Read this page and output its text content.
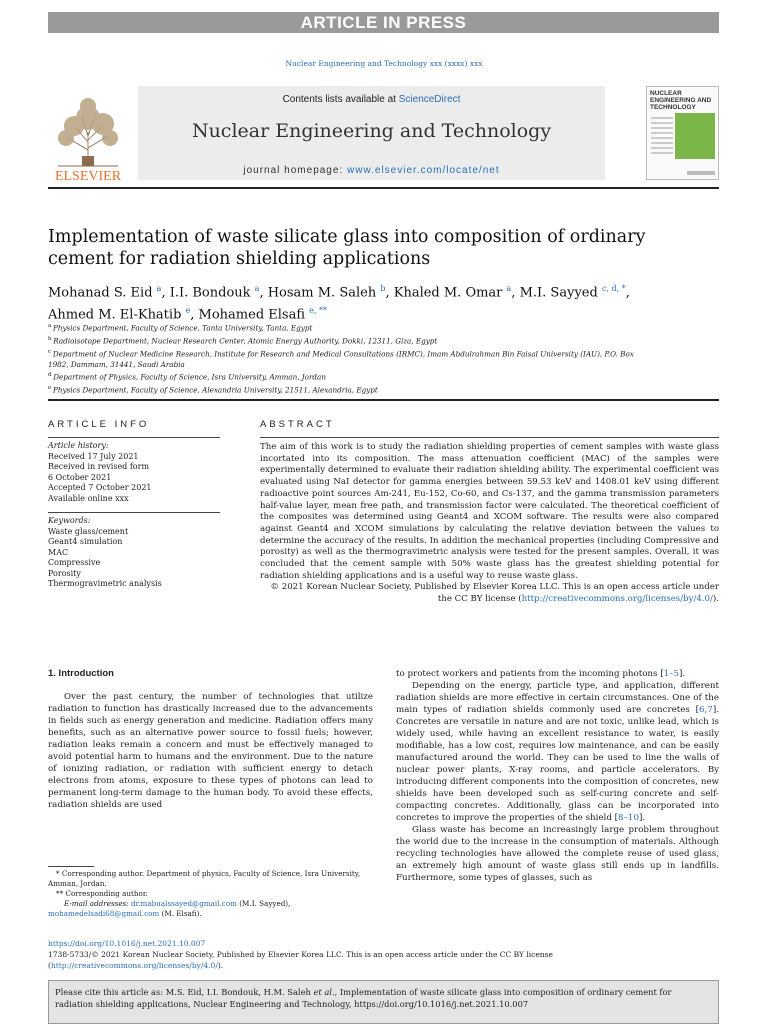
ARTICLE IN PRESS
Nuclear Engineering and Technology xxx (xxxx) xxx
ELSEVIER
Contents lists available at ScienceDirect
Nuclear Engineering and Technology
journal homepage: www.elsevier.com/locate/net
NUCLEAR ENGINEERING AND TECHNOLOGY
Implementation of waste silicate glass into composition of ordinary cement for radiation shielding applications
Mohanad S. Eid $^a$, I.I. Bondouk $^a$, Hosam M. Saleh $^b$, Khaled M. Omar $^a$, M.I. Sayyed $^{c, d, *}$,
Ahmed M. El-Khatib $^e$, Mohamed Elsafi $^{e, **}$
$^a$ Physics Department, Faculty of Science, Tanta University, Tanta, Egypt
$^b$ Radioisotope Department, Nuclear Research Center, Atomic Energy Authority, Dokki, 12311, Giza, Egypt
$^c$ Department of Nuclear Medicine Research, Institute for Research and Medical Consultations (IRMC), Imam Abdulrahman Bin Faisal University (IAU), P.O. Box 1982, Dammam, 31441, Saudi Arabia
$^d$ Department of Physics, Faculty of Science, Isra University, Amman, Jordan
$^e$ Physics Department, Faculty of Science, Alexandria University, 21511, Alexandria, Egypt
ARTICLE INFO
Article history:
Received 17 July 2021
Received in revised form
6 October 2021
Accepted 7 October 2021
Available online xxx
Keywords:
Waste glass/cement
Geant4 simulation
MAC
Compressive
Porosity
Thermogravimetric analysis
ABSTRACT

The aim of this work is to study the radiation shielding properties of cement samples with waste glass incortated into its composition. The mass attenuation coefficient (MAC) of the samples were experimentally determined to evaluate their radiation shielding ability. The experimental coefficient was evaluated using NaI detector for gamma energies between 59.53 keV and 1408.01 keV using different radioactive point sources Am-241, Eu-152, Co-60, and Cs-137, and the gamma transmission parameters half-value layer, mean free path, and transmission factor were calculated. The theoretical coefficient of the composites was determined using Geant4 and XCOM software. The results were also compared against Geant4 and XCOM simulations by calculating the relative deviation between the values to determine the accuracy of the results. In addition the mechanical properties (including Compressive and porosity) as well as the thermogravimetric analysis were tested for the present samples. Overall, it was concluded that the cement sample with 50% waste glass has the greatest shielding potential for radiation shielding applications and is a useful way to reuse waste glass.

© 2021 Korean Nuclear Society, Published by Elsevier Korea LLC. This is an open access article under the CC BY license (http://creativecommons.org/licenses/by/4.0/).

1. Introduction

Over the past century, the number of technologies that utilize radiation to function has drastically increased due to the advancements in fields such as energy generation and medicine. Radiation offers many benefits, such as an alternative power source to fossil fuels; however, radiation leaks remain a concern and must be effectively managed to avoid potential harm to humans and the environment. Due to the nature of ionizing radiation, or radiation with sufficient energy to detach electrons from atoms, exposure to these types of photons can lead to permanent long-term damage to the human body. To avoid these effects, radiation shields are used

to protect workers and patients from the incoming photons [1–5].

Depending on the energy, particle type, and application, different radiation shields are more effective in certain circumstances. One of the main types of radiation shields commonly used are concretes [6,7]. Concretes are versatile in nature and are not toxic, unlike lead, which is widely used, while having an excellent resistance to water, is easily modifiable, has a low cost, requires low maintenance, and can be easily manufactured around the world. They can be used to line the walls of nuclear power plants, X-ray rooms, and particle accelerators. By introducing different components into the composition of concretes, new shields have been developed such as self-curing concrete and self-compacting concretes. Additionally, glass can be incorporated into concretes to improve the properties of the shield [8–10].

Glass waste has become an increasingly large problem throughout the world due to the increase in the consumption of materials. Although recycling technologies have allowed the complete reuse of used glass, an extremely high amount of waste glass still ends up in landfills. Furthermore, some types of glasses, such as

* Corresponding author. Department of physics, Faculty of Science, Isra University, Amman, Jordan.
** Corresponding author.
E-mail addresses: dr.mabualssayed@gmail.com (M.I. Sayyed), mohamedelsadi68@gmail.com (M. Elsafi).
https://doi.org/10.1016/j.net.2021.10.007
1738-5733/© 2021 Korean Nuclear Society, Published by Elsevier Korea LLC. This is an open access article under the CC BY license (http://creativecommons.org/licenses/by/4.0/).
Please cite this article as: M.S. Eid, I.I. Bondouk, H.M. Saleh et al., Implementation of waste silicate glass into composition of ordinary cement for radiation shielding applications, Nuclear Engineering and Technology, https://doi.org/10.1016/j.net.2021.10.007
